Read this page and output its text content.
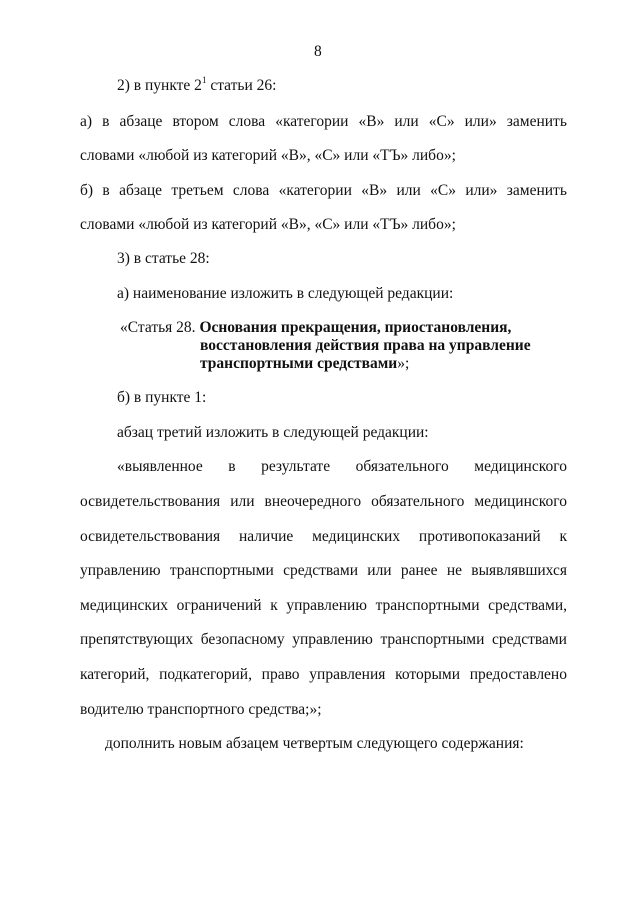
8
2) в пункте $2^1$ статьи 26:
а) в абзаце втором слова «категории «В» или «С» или» заменить
словами «любой из категорий «В», «С» или «ТЪ» либо»;
б) в абзаце третьем слова «категории «В» или «С» или» заменить
словами «любой из категорий «В», «С» или «ТЪ» либо»;
3) в статье 28:
а) наименование изложить в следующей редакции:
«Статья 28. Основания прекращения, приостановления,
восстановления действия права на управление
транспортными средствами»;
б) в пункте 1:
абзац третий изложить в следующей редакции:
«выявленное в результате обязательного медицинского
освидетельствования или внеочередного обязательного медицинского
освидетельствования наличие медицинских противопоказаний к
управлению транспортными средствами или ранее не выявлявшихся
медицинских ограничений к управлению транспортными средствами,
препятствующих безопасному управлению транспортными средствами
категорий, подкатегорий, право управления которыми предоставлено
водителю транспортного средства;»;
дополнить новым абзацем четвертым следующего содержания:
